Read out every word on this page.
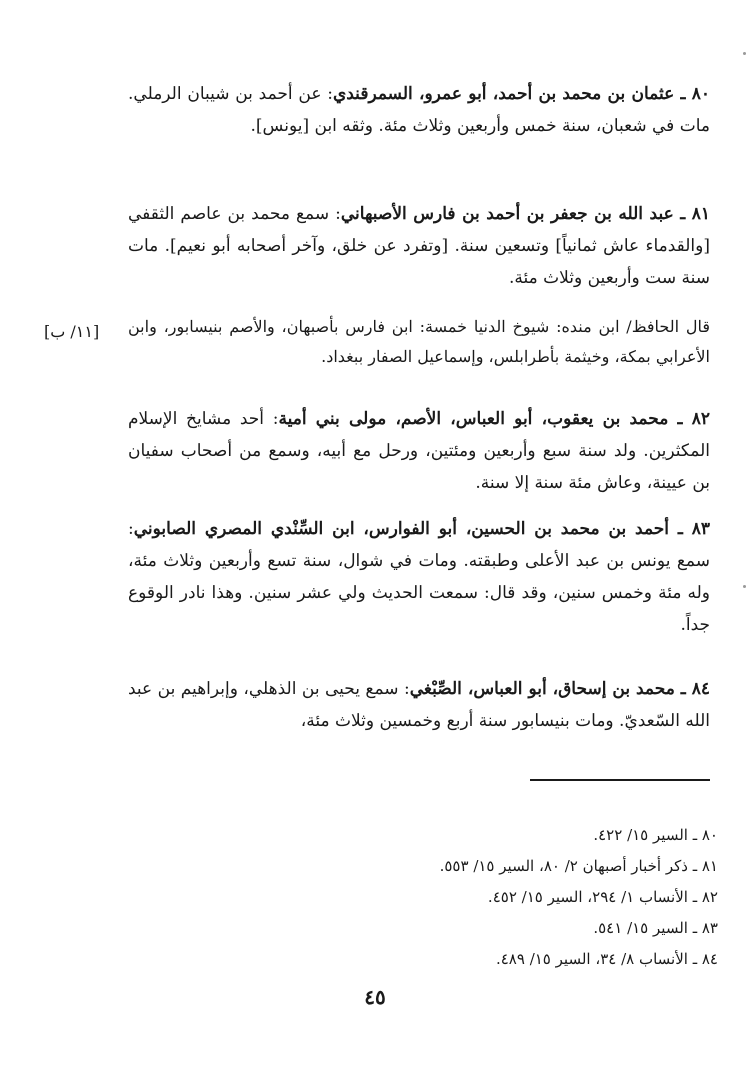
٨٠ ـ عثمان بن محمد بن أحمد، أبو عمرو، السمرقندي: عن أحمد بن شيبان الرملي. مات في شعبان، سنة خمس وأربعين وثلاث مئة. وثقه ابن [يونس].
٨١ ـ عبد الله بن جعفر بن أحمد بن فارس الأصبهاني: سمع محمد بن عاصم الثقفي [والقدماء عاش ثمانياً] وتسعين سنة. [وتفرد عن خلق، وآخر أصحابه أبو نعيم]. مات سنة ست وأربعين وثلاث مئة.
قال الحافظ/ ابن منده: شيوخ الدنيا خمسة: ابن فارس بأصبهان، والأصم بنيسابور، وابن الأعرابي بمكة، وخيثمة بأطرابلس، وإسماعيل الصفار ببغداد.
[١١/ ب]
٨٢ ـ محمد بن يعقوب، أبو العباس، الأصم، مولى بني أمية: أحد مشايخ الإسلام المكثرين. ولد سنة سبع وأربعين ومئتين، ورحل مع أبيه، وسمع من أصحاب سفيان بن عيينة، وعاش مئة سنة إلا سنة.
٨٣ ـ أحمد بن محمد بن الحسين، أبو الفوارس، ابن السِّنْدي المصري الصابوني: سمع يونس بن عبد الأعلى وطبقته. ومات في شوال، سنة تسع وأربعين وثلاث مئة، وله مئة وخمس سنين، وقد قال: سمعت الحديث ولي عشر سنين. وهذا نادر الوقوع جداً.
٨٤ ـ محمد بن إسحاق، أبو العباس، الصِّبْغي: سمع يحيى بن الذهلي، وإبراهيم بن عبد الله السّعديّ. ومات بنيسابور سنة أربع وخمسين وثلاث مئة،
٨٠ ـ السير ١٥/ ٤٢٢.
٨١ ـ ذكر أخبار أصبهان ٢/ ٨٠، السير ١٥/ ٥٥٣.
٨٢ ـ الأنساب ١/ ٢٩٤، السير ١٥/ ٤٥٢.
٨٣ ـ السير ١٥/ ٥٤١.
٨٤ ـ الأنساب ٨/ ٣٤، السير ١٥/ ٤٨٩.
٤٥
